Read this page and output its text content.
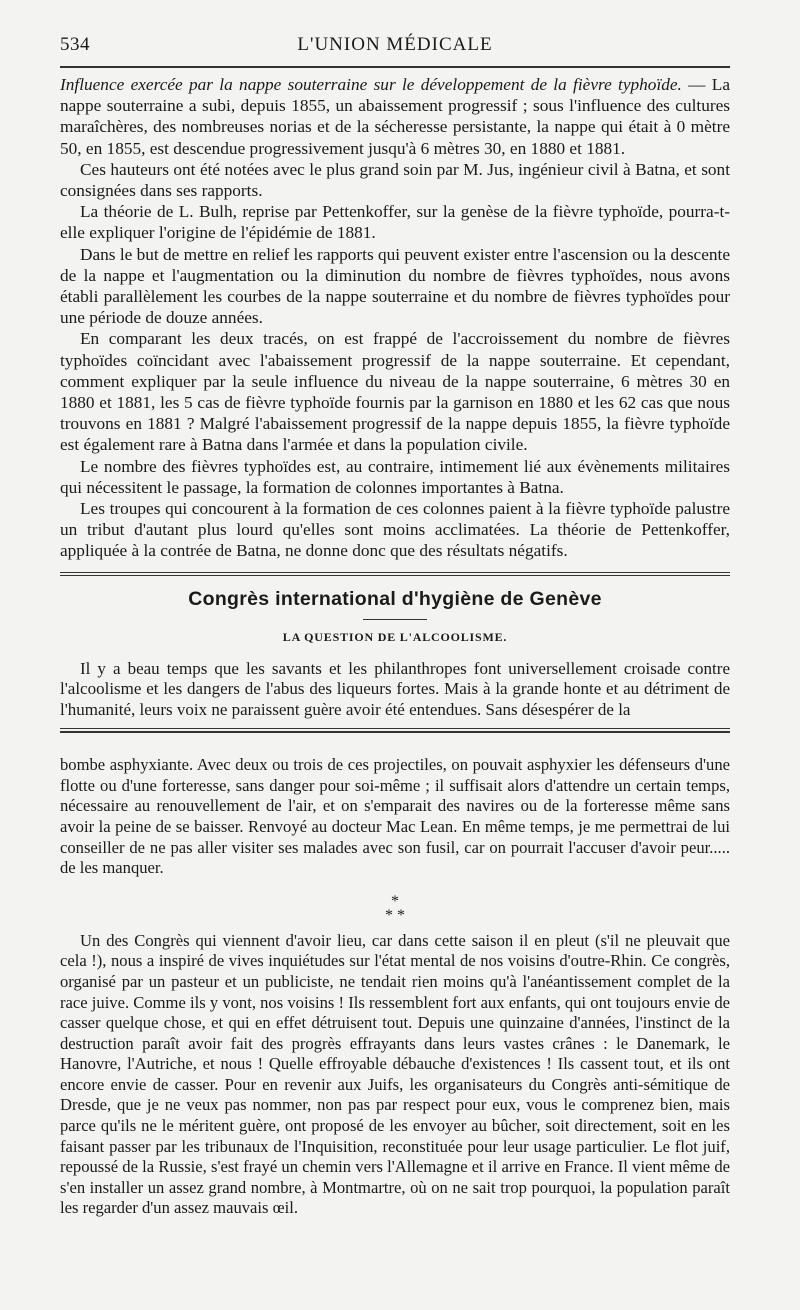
534	L'UNION MÉDICALE

Influence exercée par la nappe souterraine sur le développement de la fièvre typhoïde. — La nappe souterraine a subi, depuis 1855, un abaissement progressif ; sous l'influence des cultures maraîchères, des nombreuses norias et de la sécheresse persistante, la nappe qui était à 0 mètre 50, en 1855, est descendue progressivement jusqu'à 6 mètres 30, en 1880 et 1881.

Ces hauteurs ont été notées avec le plus grand soin par M. Jus, ingénieur civil à Batna, et sont consignées dans ses rapports.

La théorie de L. Bulh, reprise par Pettenkoffer, sur la genèse de la fièvre typhoïde, pourra-t-elle expliquer l'origine de l'épidémie de 1881.

Dans le but de mettre en relief les rapports qui peuvent exister entre l'ascension ou la descente de la nappe et l'augmentation ou la diminution du nombre de fièvres typhoïdes, nous avons établi parallèlement les courbes de la nappe souterraine et du nombre de fièvres typhoïdes pour une période de douze années.

En comparant les deux tracés, on est frappé de l'accroissement du nombre de fièvres typhoïdes coïncidant avec l'abaissement progressif de la nappe souterraine. Et cependant, comment expliquer par la seule influence du niveau de la nappe souterraine, 6 mètres 30 en 1880 et 1881, les 5 cas de fièvre typhoïde fournis par la garnison en 1880 et les 62 cas que nous trouvons en 1881 ? Malgré l'abaissement progressif de la nappe depuis 1855, la fièvre typhoïde est également rare à Batna dans l'armée et dans la population civile.

Le nombre des fièvres typhoïdes est, au contraire, intimement lié aux évènements militaires qui nécessitent le passage, la formation de colonnes importantes à Batna.

Les troupes qui concourent à la formation de ces colonnes paient à la fièvre typhoïde palustre un tribut d'autant plus lourd qu'elles sont moins acclimatées. La théorie de Pettenkoffer, appliquée à la contrée de Batna, ne donne donc que des résultats négatifs.

Congrès international d'hygiène de Genève
LA QUESTION DE L'ALCOOLISME.

Il y a beau temps que les savants et les philanthropes font universellement croisade contre l'alcoolisme et les dangers de l'abus des liqueurs fortes. Mais à la grande honte et au détriment de l'humanité, leurs voix ne paraissent guère avoir été entendues. Sans désespérer de la

bombe asphyxiante. Avec deux ou trois de ces projectiles, on pouvait asphyxier les défenseurs d'une flotte ou d'une forteresse, sans danger pour soi-même ; il suffisait alors d'attendre un certain temps, nécessaire au renouvellement de l'air, et on s'emparait des navires ou de la forteresse même sans avoir la peine de se baisser. Renvoyé au docteur Mac Lean. En même temps, je me permettrai de lui conseiller de ne pas aller visiter ses malades avec son fusil, car on pourrait l'accuser d'avoir peur..... de les manquer.

*
* *

Un des Congrès qui viennent d'avoir lieu, car dans cette saison il en pleut (s'il ne pleuvait que cela !), nous a inspiré de vives inquiétudes sur l'état mental de nos voisins d'outre-Rhin. Ce congrès, organisé par un pasteur et un publiciste, ne tendait rien moins qu'à l'anéantissement complet de la race juive. Comme ils y vont, nos voisins ! Ils ressemblent fort aux enfants, qui ont toujours envie de casser quelque chose, et qui en effet détruisent tout. Depuis une quinzaine d'années, l'instinct de la destruction paraît avoir fait des progrès effrayants dans leurs vastes crânes : le Danemark, le Hanovre, l'Autriche, et nous ! Quelle effroyable débauche d'existences ! Ils cassent tout, et ils ont encore envie de casser. Pour en revenir aux Juifs, les organisateurs du Congrès anti-sémitique de Dresde, que je ne veux pas nommer, non pas par respect pour eux, vous le comprenez bien, mais parce qu'ils ne le méritent guère, ont proposé de les envoyer au bûcher, soit directement, soit en les faisant passer par les tribunaux de l'Inquisition, reconstituée pour leur usage particulier. Le flot juif, repoussé de la Russie, s'est frayé un chemin vers l'Allemagne et il arrive en France. Il vient même de s'en installer un assez grand nombre, à Montmartre, où on ne sait trop pourquoi, la population paraît les regarder d'un assez mauvais œil.
